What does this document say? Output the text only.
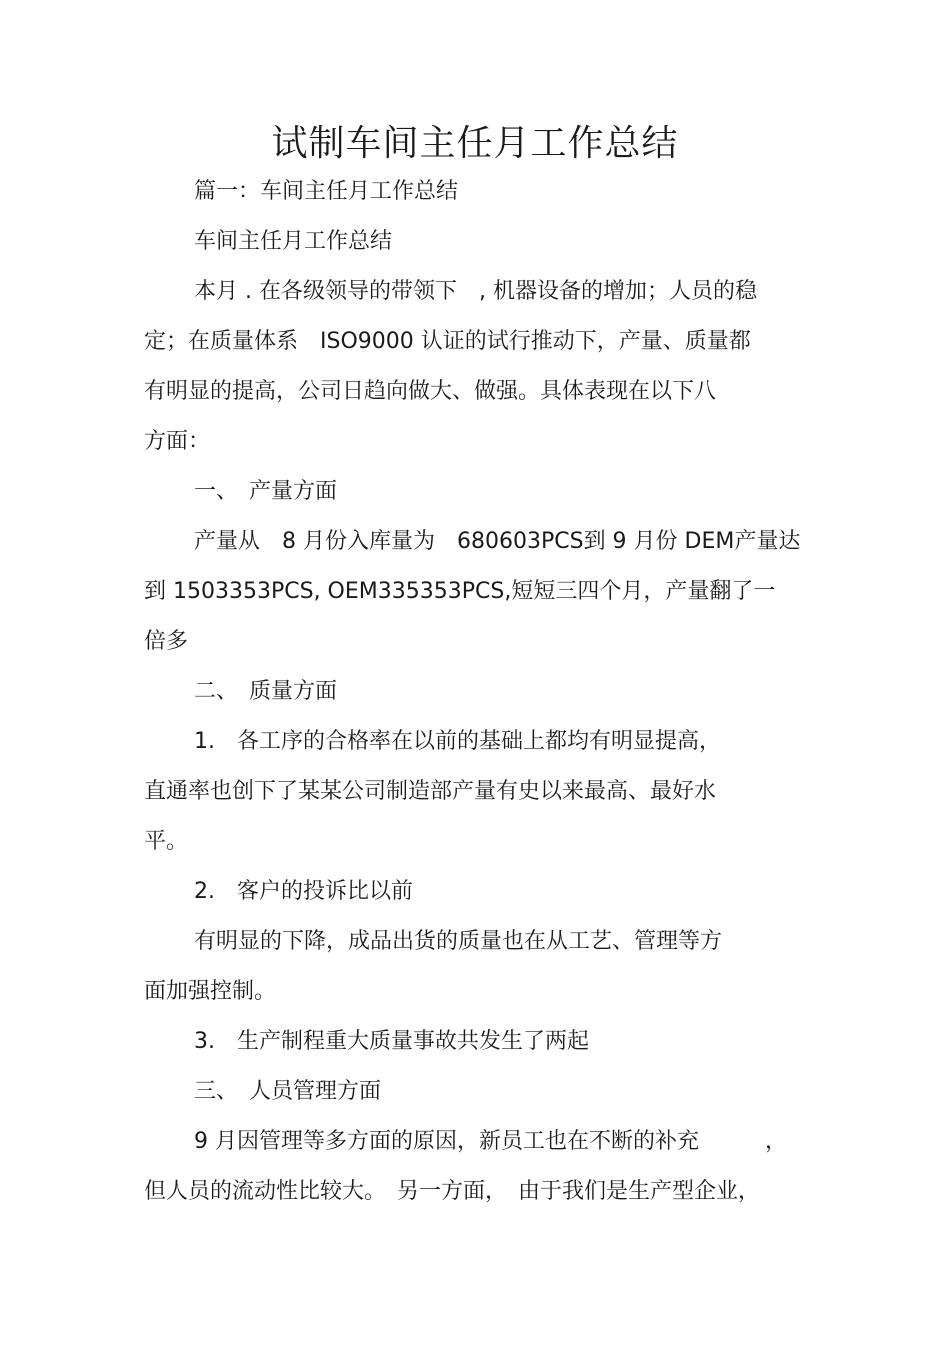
试制车间主任月工作总结
篇一：车间主任月工作总结
车间主任月工作总结
本月 . 在各级领导的带领下　, 机器设备的增加；人员的稳
定；在质量体系　ISO9000 认证的试行推动下，产量、质量都
有明显的提高，公司日趋向做大、做强。具体表现在以下八
方面：
一、　产量方面
产量从　8 月份入库量为　680603PCS到 9 月份 DEM产量达
到 1503353PCS, OEM335353PCS,短短三四个月，产量翻了一
倍多
二、　质量方面
1.　各工序的合格率在以前的基础上都均有明显提高，
直通率也创下了某某公司制造部产量有史以来最高、最好水
平。
2.　客户的投诉比以前
有明显的下降，成品出货的质量也在从工艺、管理等方
面加强控制。
3.　生产制程重大质量事故共发生了两起
三、　人员管理方面
9 月因管理等多方面的原因，新员工也在不断的补充　　　，
但人员的流动性比较大。　另一方面，　由于我们是生产型企业，
